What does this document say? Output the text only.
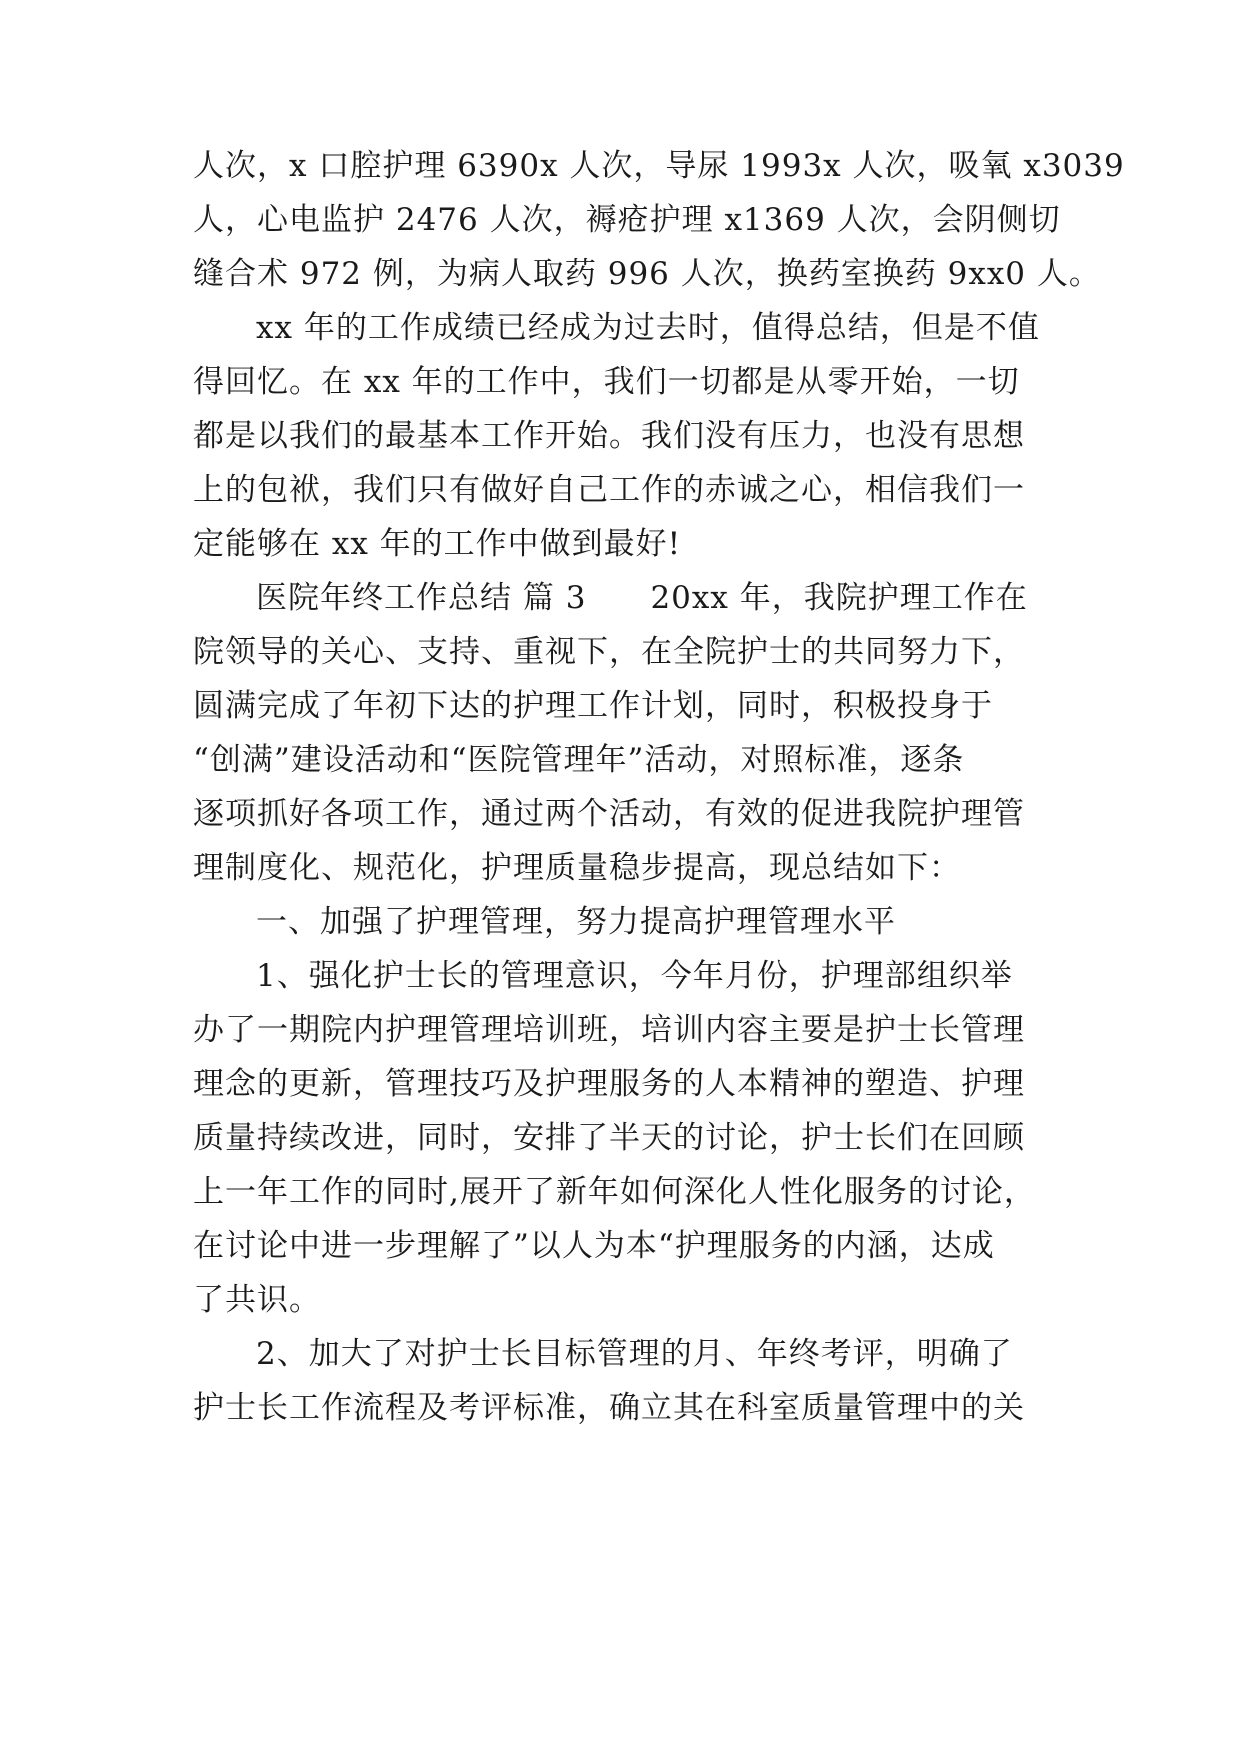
人次，x 口腔护理 6390x 人次，导尿 1993x 人次，吸氧 x3039
人，心电监护 2476 人次，褥疮护理 x1369 人次，会阴侧切
缝合术 972 例，为病人取药 996 人次，换药室换药 9xx0 人。
xx 年的工作成绩已经成为过去时，值得总结，但是不值
得回忆。在 xx 年的工作中，我们一切都是从零开始，一切
都是以我们的最基本工作开始。我们没有压力，也没有思想
上的包袱，我们只有做好自己工作的赤诚之心，相信我们一
定能够在 xx 年的工作中做到最好!
医院年终工作总结 篇 3 20xx 年，我院护理工作在
院领导的关心、支持、重视下，在全院护士的共同努力下，
圆满完成了年初下达的护理工作计划，同时，积极投身于
“创满”建设活动和“医院管理年”活动，对照标准，逐条
逐项抓好各项工作，通过两个活动，有效的促进我院护理管
理制度化、规范化，护理质量稳步提高，现总结如下：
一、加强了护理管理，努力提高护理管理水平
1、强化护士长的管理意识，今年月份，护理部组织举
办了一期院内护理管理培训班，培训内容主要是护士长管理
理念的更新，管理技巧及护理服务的人本精神的塑造、护理
质量持续改进，同时，安排了半天的讨论，护士长们在回顾
上一年工作的同时,展开了新年如何深化人性化服务的讨论，
在讨论中进一步理解了”以人为本“护理服务的内涵，达成
了共识。
2、加大了对护士长目标管理的月、年终考评，明确了
护士长工作流程及考评标准，确立其在科室质量管理中的关
